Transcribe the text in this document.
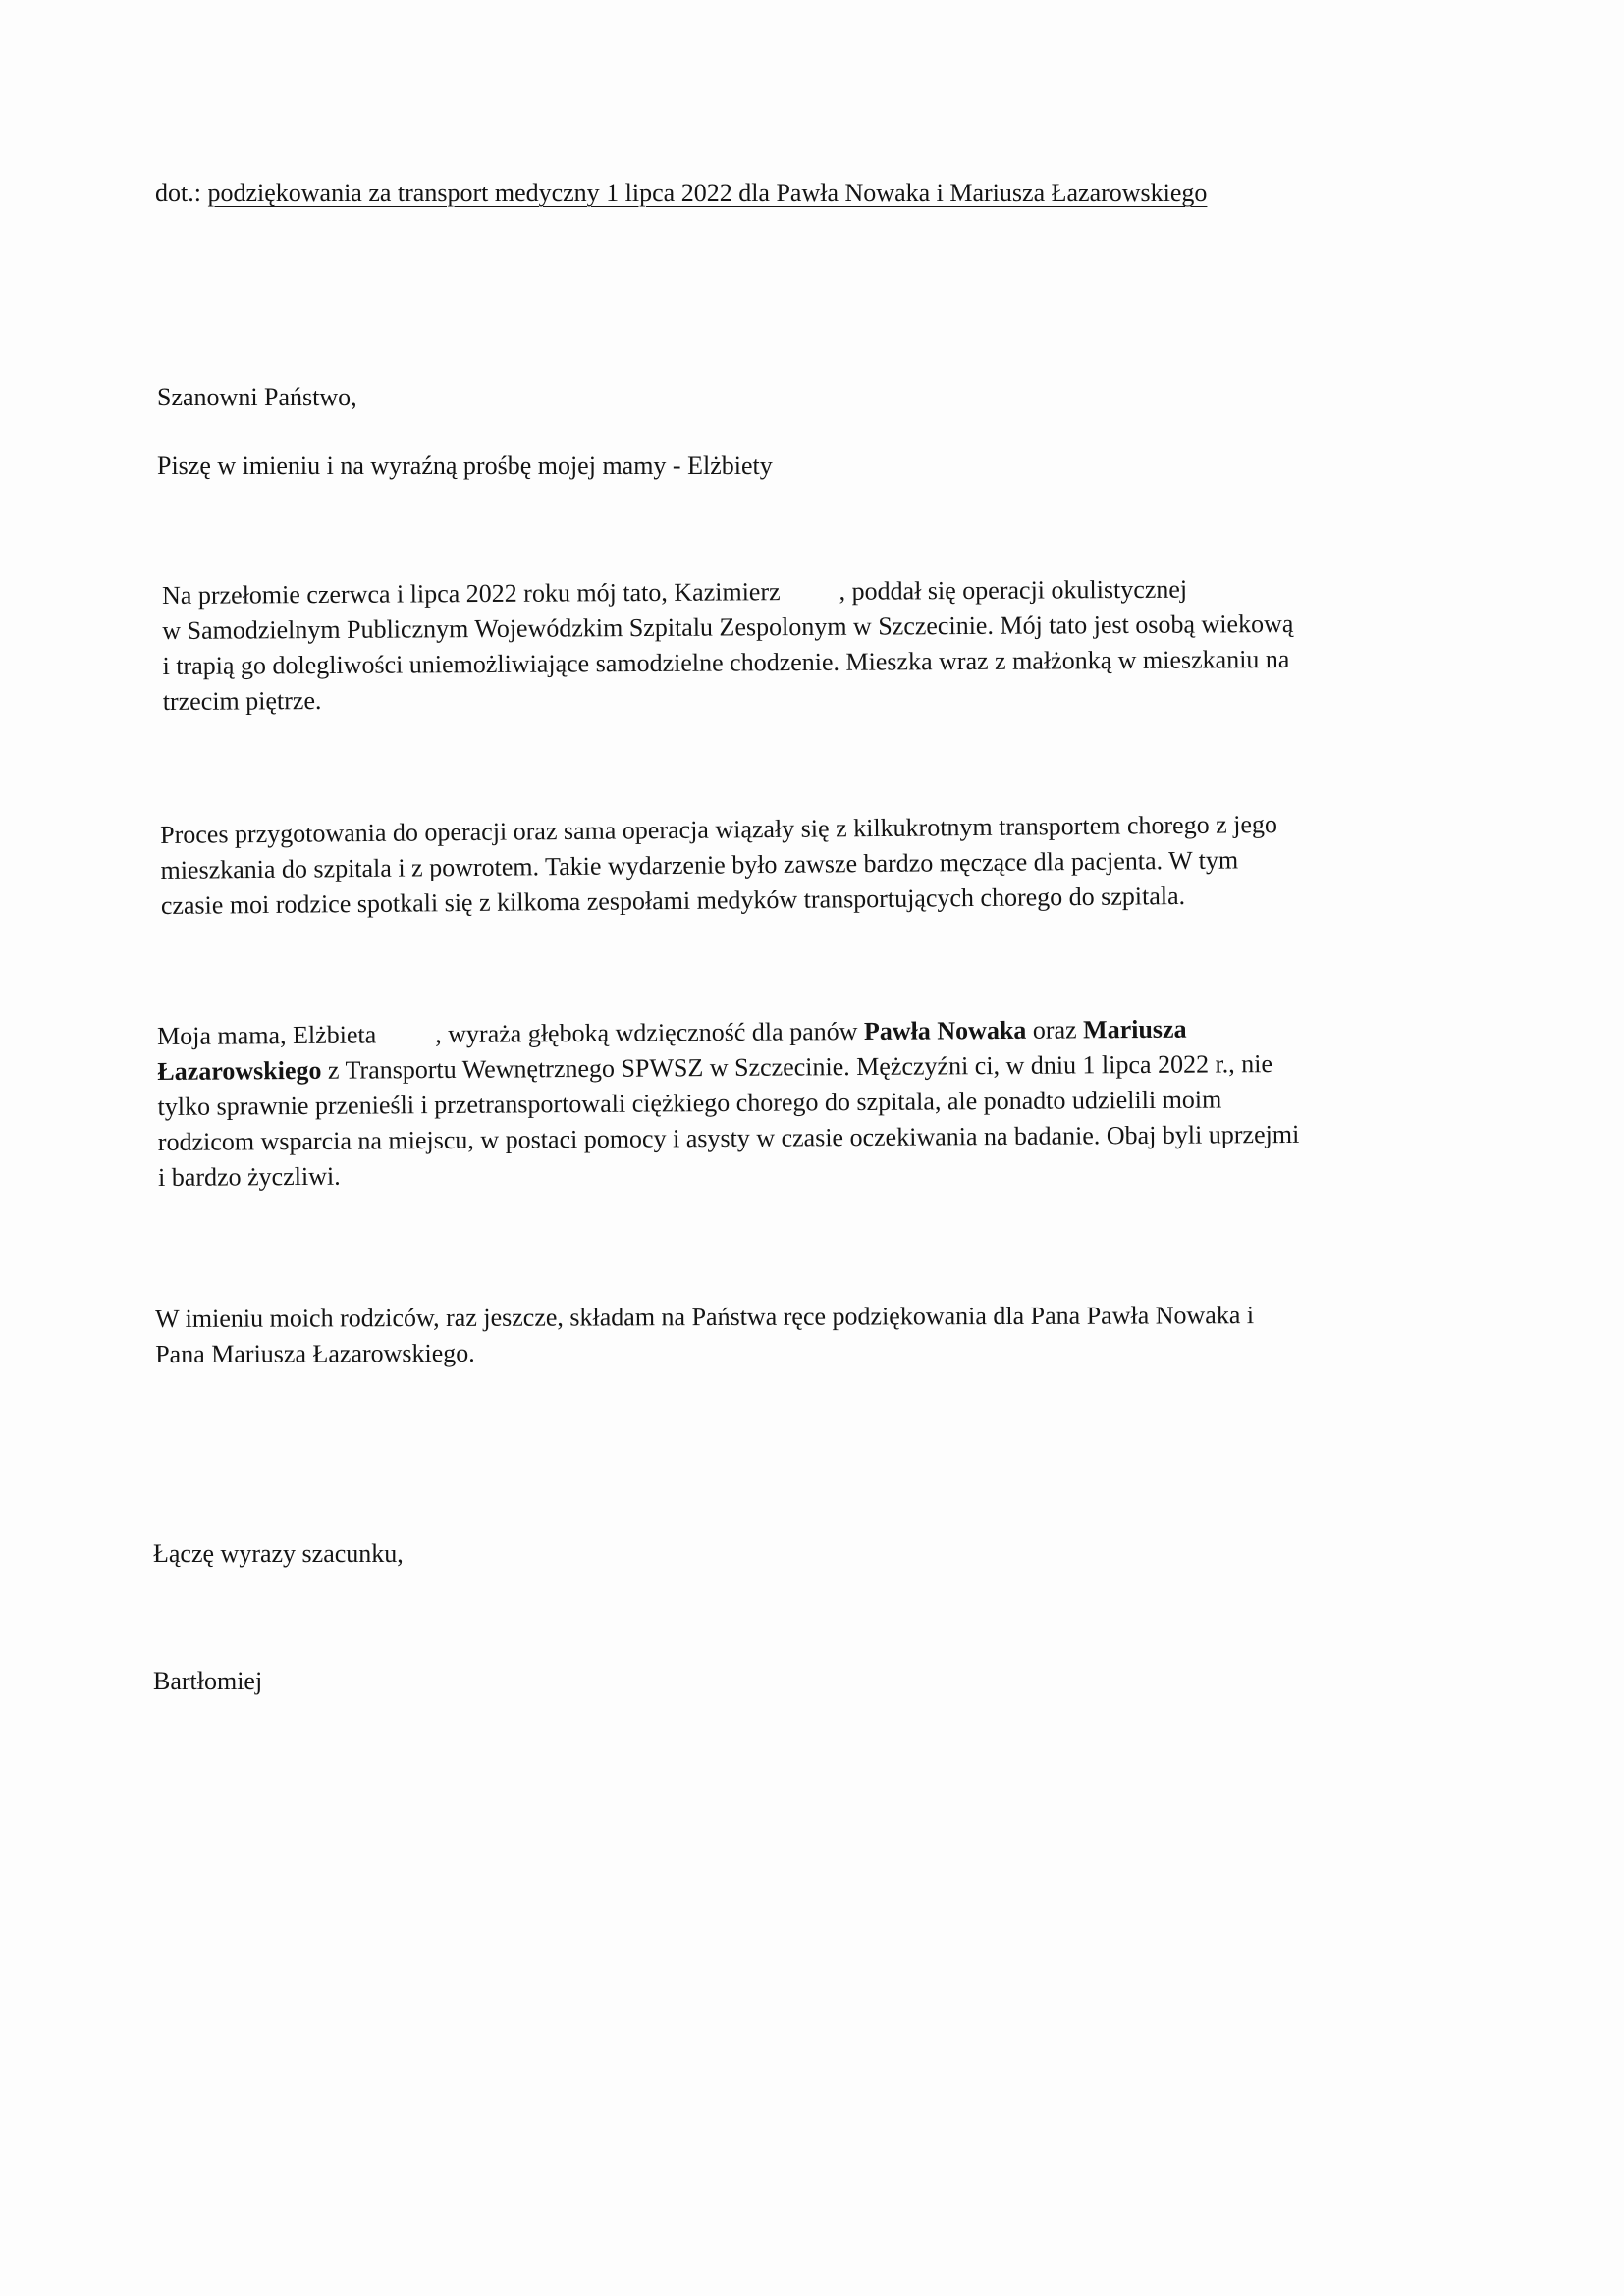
dot.: podziękowania za transport medyczny 1 lipca 2022 dla Pawła Nowaka i Mariusza Łazarowskiego
Szanowni Państwo,
Piszę w imieniu i na wyraźną prośbę mojej mamy - Elżbiety
Na przełomie czerwca i lipca 2022 roku mój tato, Kazimierz , poddał się operacji okulistycznej
w Samodzielnym Publicznym Wojewódzkim Szpitalu Zespolonym w Szczecinie. Mój tato jest osobą wiekową
i trapią go dolegliwości uniemożliwiające samodzielne chodzenie. Mieszka wraz z małżonką w mieszkaniu na
trzecim piętrze.
Proces przygotowania do operacji oraz sama operacja wiązały się z kilkukrotnym transportem chorego z jego
mieszkania do szpitala i z powrotem. Takie wydarzenie było zawsze bardzo męczące dla pacjenta. W tym
czasie moi rodzice spotkali się z kilkoma zespołami medyków transportujących chorego do szpitala.
Moja mama, Elżbieta , wyraża głęboką wdzięczność dla panów Pawła Nowaka oraz Mariusza
Łazarowskiego z Transportu Wewnętrznego SPWSZ w Szczecinie. Mężczyźni ci, w dniu 1 lipca 2022 r., nie
tylko sprawnie przenieśli i przetransportowali ciężkiego chorego do szpitala, ale ponadto udzielili moim
rodzicom wsparcia na miejscu, w postaci pomocy i asysty w czasie oczekiwania na badanie. Obaj byli uprzejmi
i bardzo życzliwi.
W imieniu moich rodziców, raz jeszcze, składam na Państwa ręce podziękowania dla Pana Pawła Nowaka i
Pana Mariusza Łazarowskiego.
Łączę wyrazy szacunku,
Bartłomiej
